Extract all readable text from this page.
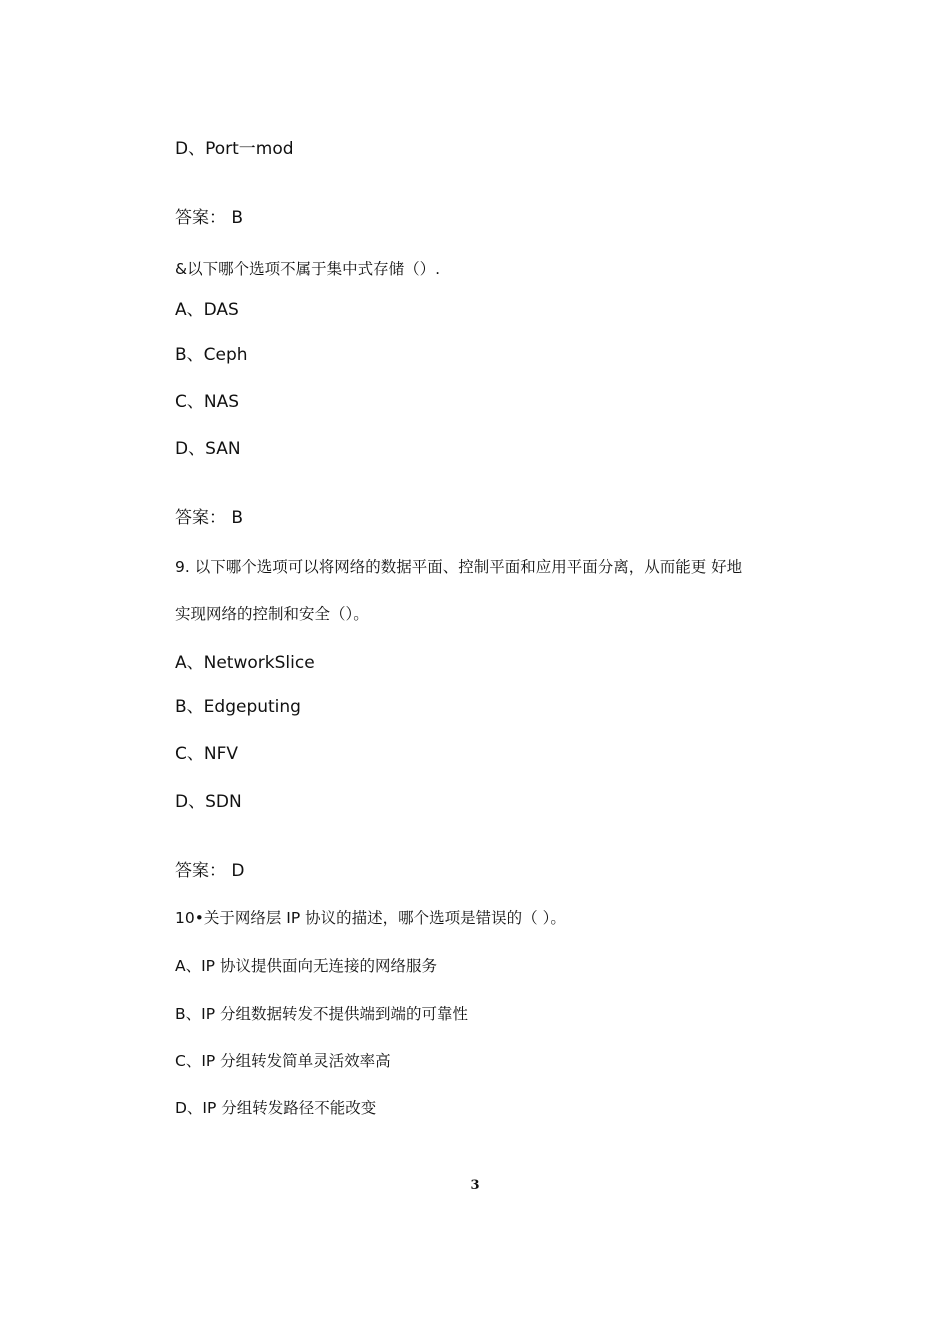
D、Port一mod
答案： B
&以下哪个选项不属于集中式存储（）.
A、DAS
B、Ceph
C、NAS
D、SAN
答案： B
9. 以下哪个选项可以将网络的数据平面、控制平面和应用平面分离，从而能更 好地
实现网络的控制和安全（）。
A、NetworkSlice
B、Edgeputing
C、NFV
D、SDN
答案： D
10•关于网络层 IP 协议的描述，哪个选项是错误的（ ）。
A、IP 协议提供面向无连接的网络服务
B、IP 分组数据转发不提供端到端的可靠性
C、IP 分组转发简单灵活效率高
D、IP 分组转发路径不能改变
3
